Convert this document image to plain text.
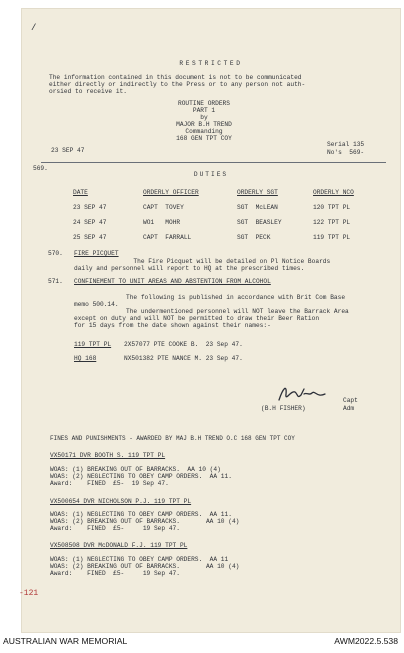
/
RESTRICTED
The information contained in this document is not to be communicated
either directly or indirectly to the Press or to any person not auth-
orsied to receive it.
ROUTINE ORDERS
PART 1
by
MAJOR B.H TREND
Commanding
168 GEN TPT COY
23 SEP 47
Serial 135
No's  569-
569.
DUTIES
DATE	ORDERLY OFFICER	ORDERLY SGT	ORDERLY NCO
23 SEP 47	CAPT  TOVEY	SGT  McLEAN	120 TPT PL
24 SEP 47	WO1   MOHR	SGT  BEASLEY	122 TPT PL
25 SEP 47	CAPT  FARRALL	SGT  PECK	119 TPT PL
570. FIRE PICQUET
The Fire Picquet will be detailed on Pl Notice Boards
daily and personnel will report to HQ at the prescribed times.
571. CONFINEMENT TO UNIT AREAS AND ABSTENTION FROM ALCOHOL
The following is published in accordance with Brit Com Base
memo 500.14.
The undermentioned personnel will NOT leave the Barrack Area
except on duty and will NOT be permitted to draw their Beer Ration
for 15 days from the date shown against their names:-
119 TPT PL 2X57077 PTE COOKE B.  23 Sep 47.
HQ 168	NX501382 PTE NANCE M. 23 Sep 47.
(B.H FISHER)
Capt
Adm
FINES AND PUNISHMENTS - AWARDED BY MAJ B.H TREND O.C 168 GEN TPT COY
VX50171 DVR BOOTH S. 119 TPT PL
WOAS: (1) BREAKING OUT OF BARRACKS.  AA 10 (4)
WOAS: (2) NEGLECTING TO OBEY CAMP ORDERS.  AA 11.
Award:    FINED  £5-  19 Sep 47.
VX500654 DVR NICHOLSON P.J. 119 TPT PL
WOAS: (1) NEGLECTING TO OBEY CAMP ORDERS.  AA 11.
WOAS: (2) BREAKING OUT OF BARRACKS.       AA 10 (4)
Award:    FINED  £5-     19 Sep 47.
VX508508 DVR McDONALD F.J. 119 TPT PL
WOAS: (1) NEGLECTING TO OBEY CAMP ORDERS.  AA 11
WOAS: (2) BREAKING OUT OF BARRACKS.       AA 10 (4)
Award:    FINED  £5-     19 Sep 47.
-121
AUSTRALIAN WAR MEMORIAL	AWM2022.5.538
